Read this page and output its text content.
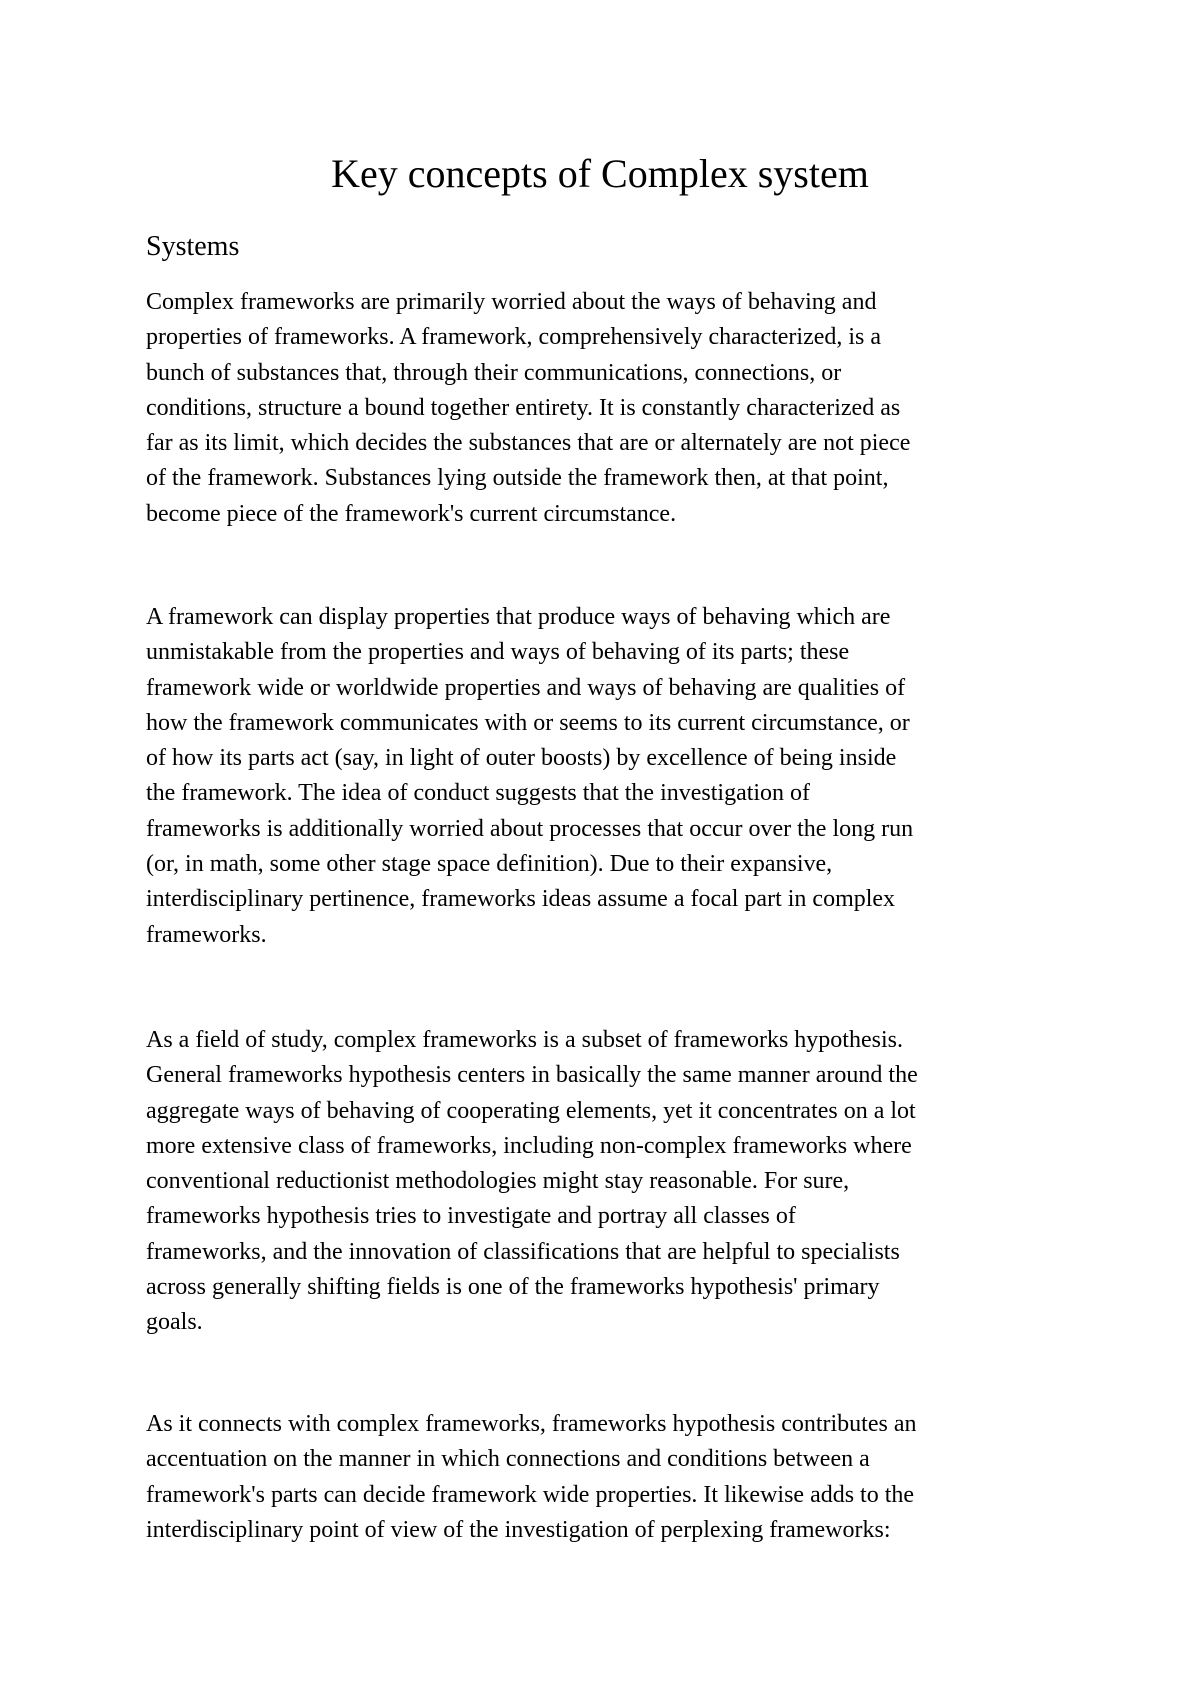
Key concepts of Complex system
Systems
Complex frameworks are primarily worried about the ways of behaving and
properties of frameworks. A framework, comprehensively characterized, is a
bunch of substances that, through their communications, connections, or
conditions, structure a bound together entirety. It is constantly characterized as
far as its limit, which decides the substances that are or alternately are not piece
of the framework. Substances lying outside the framework then, at that point,
become piece of the framework's current circumstance.
A framework can display properties that produce ways of behaving which are
unmistakable from the properties and ways of behaving of its parts; these
framework wide or worldwide properties and ways of behaving are qualities of
how the framework communicates with or seems to its current circumstance, or
of how its parts act (say, in light of outer boosts) by excellence of being inside
the framework. The idea of conduct suggests that the investigation of
frameworks is additionally worried about processes that occur over the long run
(or, in math, some other stage space definition). Due to their expansive,
interdisciplinary pertinence, frameworks ideas assume a focal part in complex
frameworks.
As a field of study, complex frameworks is a subset of frameworks hypothesis.
General frameworks hypothesis centers in basically the same manner around the
aggregate ways of behaving of cooperating elements, yet it concentrates on a lot
more extensive class of frameworks, including non-complex frameworks where
conventional reductionist methodologies might stay reasonable. For sure,
frameworks hypothesis tries to investigate and portray all classes of
frameworks, and the innovation of classifications that are helpful to specialists
across generally shifting fields is one of the frameworks hypothesis' primary
goals.
As it connects with complex frameworks, frameworks hypothesis contributes an
accentuation on the manner in which connections and conditions between a
framework's parts can decide framework wide properties. It likewise adds to the
interdisciplinary point of view of the investigation of perplexing frameworks:
